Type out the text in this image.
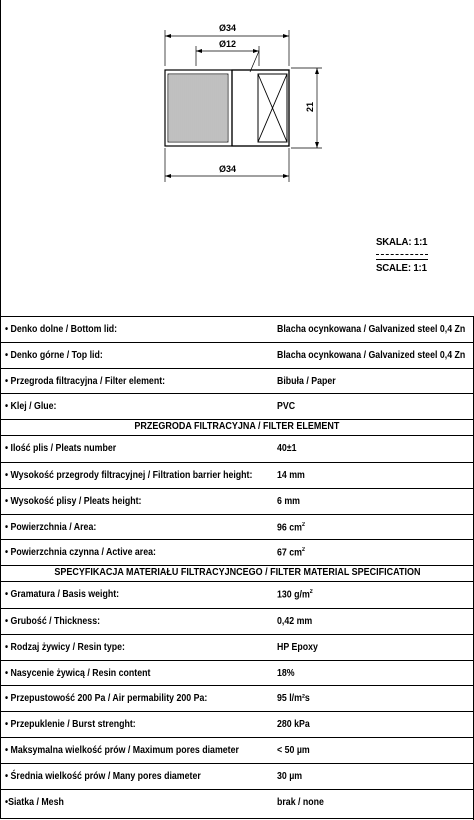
Ø34
Ø12
21
Ø34
SKALA: 1:1
SCALE: 1:1
• Denko dolne / Bottom lid:	Blacha ocynkowana / Galvanized steel 0,4 Zn
• Denko górne / Top lid:	Blacha ocynkowana / Galvanized steel 0,4 Zn
• Przegroda filtracyjna / Filter element:	Bibuła / Paper
• Klej / Glue:	PVC
PRZEGRODA FILTRACYJNA / FILTER ELEMENT
• Ilość plis / Pleats number	40±1
• Wysokość przegrody filtracyjnej / Filtration barrier height: 14 mm
• Wysokość plisy / Pleats height:	6 mm
• Powierzchnia / Area:	96 $cm^2$
• Powierzchnia czynna / Active area:	67 $cm^2$
SPECYFIKACJA MATERIAŁU FILTRACYJNCEGO / FILTER MATERIAL SPECIFICATION
• Gramatura / Basis weight:	130 $g/m^2$
• Grubość / Thickness:	0,42 mm
• Rodzaj żywicy / Resin type:	HP Epoxy
• Nasycenie żywicą / Resin content	18%
• Przepustowość 200 Pa / Air permability 200 Pa:	95 l/m²s
• Przepuklenie / Burst strenght:	280 kPa
• Maksymalna wielkość prów / Maximum pores diameter	< 50 µm
• Średnia wielkość prów / Many pores diameter	30 µm
•Siatka / Mesh	brak / none
